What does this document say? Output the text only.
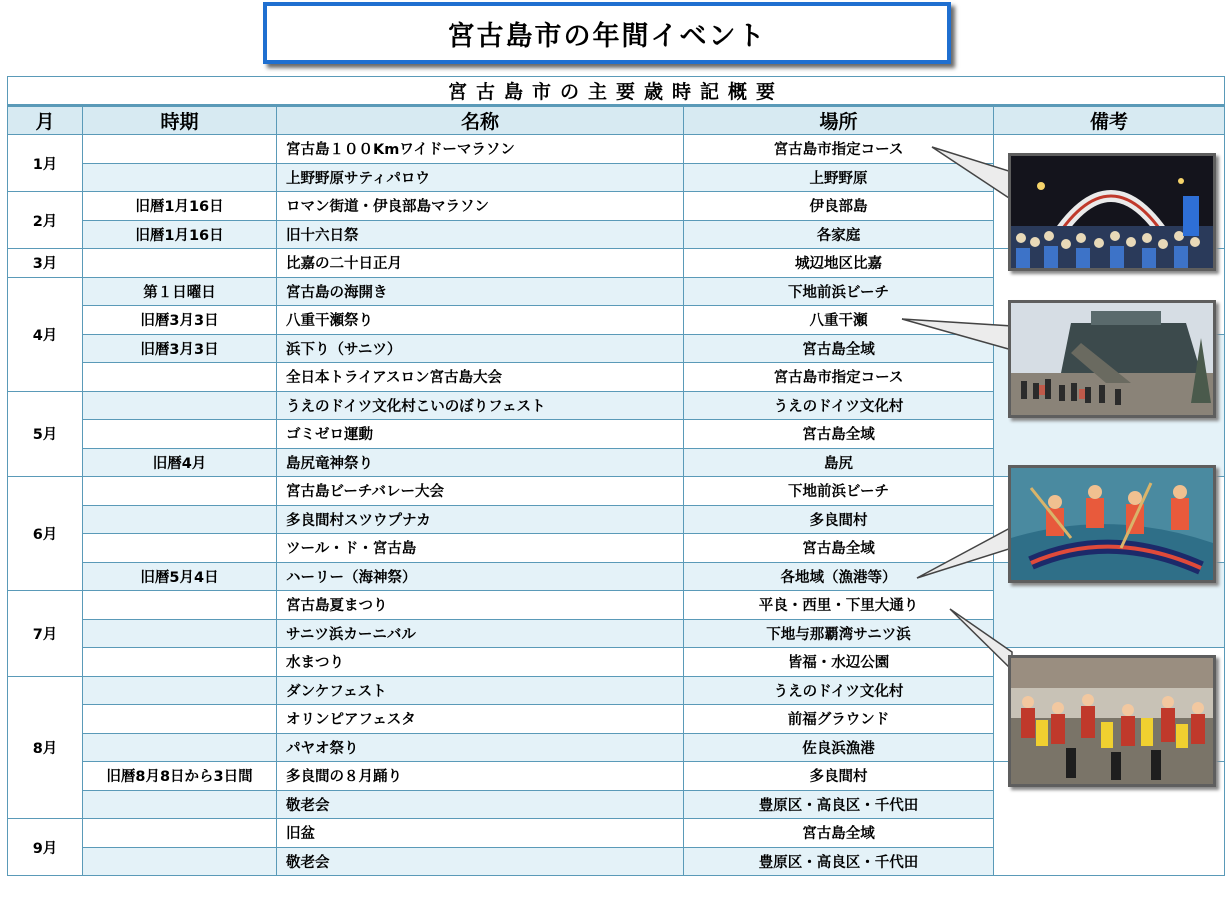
宮古島市の年間イベント
宮古島市の主要歳時記概要				
月	時期	名称	場所	備考
1月		宮古島１００Kmワイドーマラソン	宮古島市指定コース	
		上野野原サティパロウ	上野野原	
2月	旧暦1月16日	ロマン街道・伊良部島マラソン	伊良部島	
	旧暦1月16日	旧十六日祭	各家庭	
3月		比嘉の二十日正月	城辺地区比嘉	
4月	第１日曜日	宮古島の海開き	下地前浜ビーチ	
	旧暦3月3日	八重干瀬祭り	八重干瀬	
	旧暦3月3日	浜下り（サニツ）	宮古島全域	
		全日本トライアスロン宮古島大会	宮古島市指定コース	
5月		うえのドイツ文化村こいのぼりフェスト	うえのドイツ文化村	
		ゴミゼロ運動	宮古島全域	
	旧暦4月	島尻竜神祭り	島尻	
6月		宮古島ビーチバレー大会	下地前浜ビーチ	
		多良間村スツウプナカ	多良間村	
		ツール・ド・宮古島	宮古島全域	
	旧暦5月4日	ハーリー（海神祭）	各地域（漁港等）	
7月		宮古島夏まつり	平良・西里・下里大通り	
		サニツ浜カーニバル	下地与那覇湾サニツ浜	
		水まつり	皆福・水辺公園	
8月		ダンケフェスト	うえのドイツ文化村	
		オリンピアフェスタ	前福グラウンド	
		パヤオ祭り	佐良浜漁港	
	旧暦8月8日から3日間	多良間の８月踊り	多良間村	
		敬老会	豊原区・高良区・千代田	
9月		旧盆	宮古島全域	
		敬老会	豊原区・高良区・千代田	
